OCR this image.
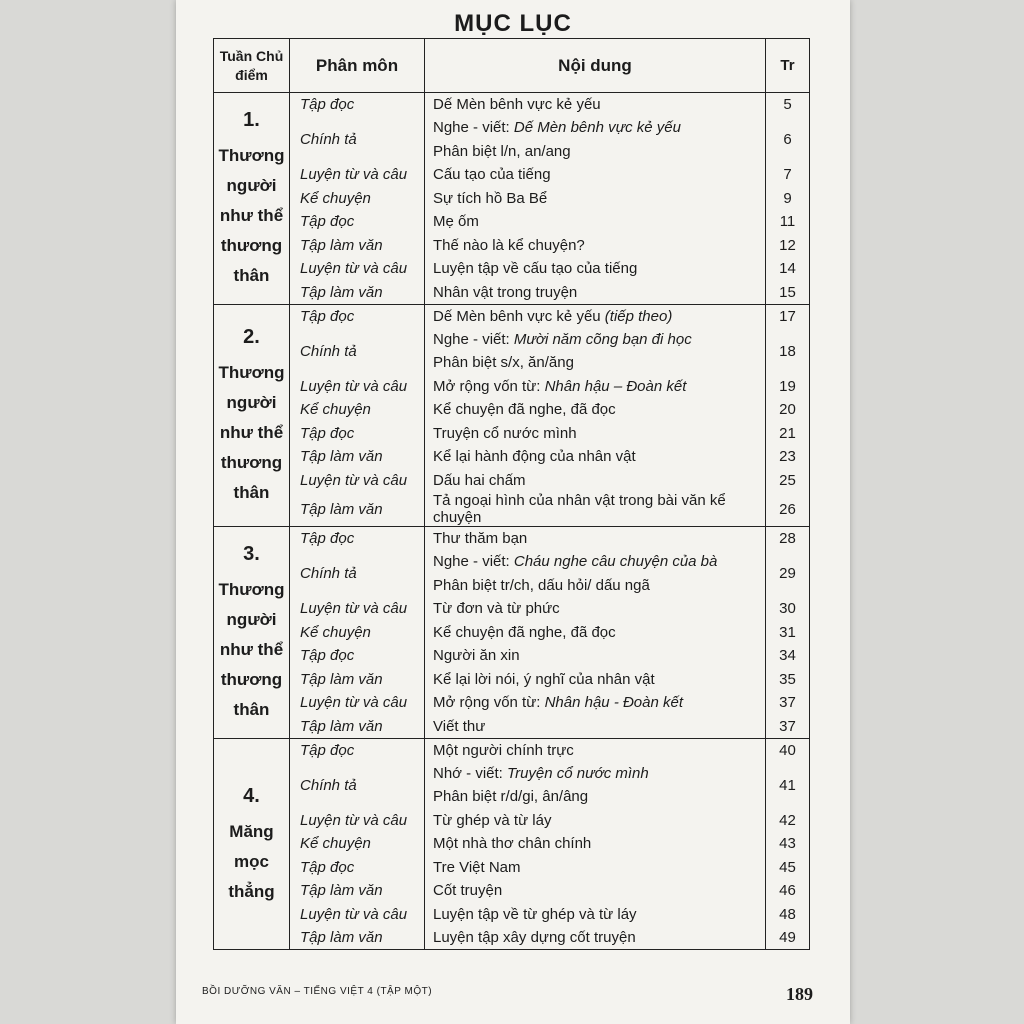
MỤC LỤC
Tuần Chủ điểm	Phân môn	Nội dung	Tr

1.
Thương người như thể thương thân	Tập đọc	Dế Mèn bênh vực kẻ yếu	5
	Chính tả	Nghe - viết: Dế Mèn bênh vực kẻ yếu	6
		Phân biệt l/n, an/ang	
	Luyện từ và câu	Cấu tạo của tiếng	7
	Kể chuyện	Sự tích hồ Ba Bể	9
	Tập đọc	Mẹ ốm	11
	Tập làm văn	Thế nào là kể chuyện?	12
	Luyện từ và câu	Luyện tập về cấu tạo của tiếng	14
	Tập làm văn	Nhân vật trong truyện	15

2.
Thương người như thể thương thân	Tập đọc	Dế Mèn bênh vực kẻ yếu (tiếp theo)	17
	Chính tả	Nghe - viết: Mười năm cõng bạn đi học	18
		Phân biệt s/x, ăn/ăng	
	Luyện từ và câu	Mở rộng vốn từ: Nhân hậu – Đoàn kết	19
	Kể chuyện	Kể chuyện đã nghe, đã đọc	20
	Tập đọc	Truyện cổ nước mình	21
	Tập làm văn	Kể lại hành động của nhân vật	23
	Luyện từ và câu	Dấu hai chấm	25
	Tập làm văn	Tả ngoại hình của nhân vật trong bài văn kể chuyện	26

3.
Thương người như thể thương thân	Tập đọc	Thư thăm bạn	28
	Chính tả	Nghe - viết: Cháu nghe câu chuyện của bà	29
		Phân biệt tr/ch, dấu hỏi/ dấu ngã	
	Luyện từ và câu	Từ đơn và từ phức	30
	Kể chuyện	Kể chuyện đã nghe, đã đọc	31
	Tập đọc	Người ăn xin	34
	Tập làm văn	Kể lại lời nói, ý nghĩ của nhân vật	35
	Luyện từ và câu	Mở rộng vốn từ: Nhân hậu - Đoàn kết	37
	Tập làm văn	Viết thư	37

4.
Măng mọc thẳng	Tập đọc	Một người chính trực	40
	Chính tả	Nhớ - viết: Truyện cổ nước mình	41
		Phân biệt r/d/gi, ân/âng	
	Luyện từ và câu	Từ ghép và từ láy	42
	Kể chuyện	Một nhà thơ chân chính	43
	Tập đọc	Tre Việt Nam	45
	Tập làm văn	Cốt truyện	46
	Luyện từ và câu	Luyện tập về từ ghép và từ láy	48
	Tập làm văn	Luyện tập xây dựng cốt truyện	49
BỒI DƯỠNG VĂN – TIẾNG VIỆT 4 (TẬP MỘT)	189
